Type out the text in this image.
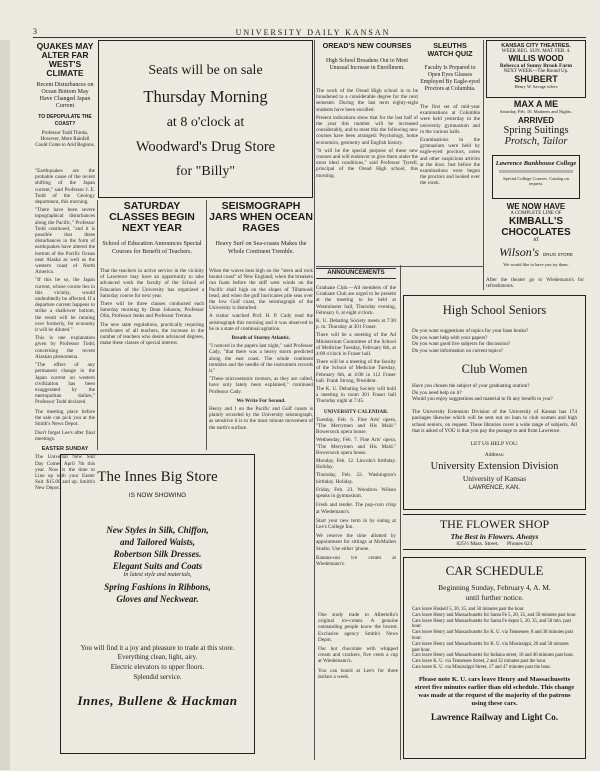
3	UNIVERSITY DAILY KANSAN
QUAKES MAY ALTER FAR WEST'S CLIMATE
Recent Disturbances on Ocean Bottom May Have Changed Japan Current
TO DEPOPULATE THE COAST?
Professor Todd Thinks, However, More Rainfall Could Come to Arid Regions.

"Earthquakes are the probable cause of the recent shifting of the Japan current," said Professor J. E. Todd of the Geology department, this morning.

"There have been severe topographical disturbances along the Pacific," Professor Todd continued, "and it is possible that these disturbances in the form of earthquakes have altered the bottom of the Pacific Ocean near Alaska as well as the western coast of North America.

"If this be so, the Japan current, whose course lies in this vicinity, would undoubtedly be affected. If a departure current happens to strike a shallower bottom, the result will be running over formerly, for economy it will be diluted."

This is one explanation given by Professor Todd, concerning the recent Alaskan phenomena.

"The effect of any permanent change in the Japan current on western civilization has been exaggerated by the metropolitan dailies," Professor Todd declared.

The meeting place before the sale can pick you at the Smith's News Depot.

Don't forget Lee's after final meetings.

EASTER SUNDAY

The Universal New Suit Day Comes April 7th this year. Now is the time to Line up with your Easter Suit. $15.00 and up. Smith's New Depot.

Seats will be on sale
Thursday Morning
at 8 o'clock at
Woodward's Drug Store
for "Billy"
SATURDAY CLASSES BEGIN NEXT YEAR
School of Education Announces Special Courses for Benefit of Teachers.

That the teachers in active service in the vicinity of Lawrence may have an opportunity to take advanced work the faculty of the School of Education of the University has organized a Saturday course for next year.

There will be three classes conducted each Saturday morning by Dean Johnson, Professor Olin, Professor Jenks and Professor Trenton.

The new state regulations, practically requiring certificates of all teachers, the increase in the number of teachers who desire advanced degrees, make these classes of special interest.

SEISMOGRAPH JARS WHEN OCEAN RAGES
Heavy Surf on Sea-coasts Makes the Whole Continent Tremble.

When the waves beat high on the "stern and rock bound coast" of New England; when the breakers run foam before the stiff west winds on the Pacific shall high on the slopes of Tillamook head, and when the gulf hurricanes pile seas over the low Gulf coast, the seismograph of the University is disturbed.

A visitor watched Prof. H. P. Cady read the seismograph this morning and it was observed to be in a state of continual agitation.

Breath of Stormy Atlantic.

"I noticed in the papers last night," said Professor Cady, "that there was a heavy storm predicted along the east coast. The whole continent trembles and the needle of the instrument records it."

"These microseismic tremors, as they are called, have only lately been explained," continued Professor Cady.

We Write For Second.

Henry and I on the Pacific and Gulf coasts is plainly recorded by the University seismograph, as sensitive it is to the most minute movement of the earth's surface.

The Innes Big Store
IS NOW SHOWING
New Styles in Silk, Chiffon,
and Tailored Waists,
Robertson Silk Dresses.
Elegant Suits and Coats
In latest style and materials,
Spring Fashions in Ribbons,
Gloves and Neckwear.
You will find it a joy and pleasure to trade at this store. Everything clean, light, airy.
Electric elevators to upper floors.
Splendid service.
Innes, Bullene & Hackman
OREAD'S NEW COURSES
High School Broadens Out to Meet Unusual Increase in Enrollment.

The work of the Oread High school is to be broadened to a considerable degree for the next semester. During the last term eighty-eight students have been enrolled.

Present indications show that for the last half of the year this number will be increased considerably, and to meet this the following new courses have been arranged: Psychology, home economics, geometry and English history.

"It will be the special purpose of these new courses and will endeavor to give them under the most ideal conditions," said Professor Tyrrell, principal of the Oread High school, this morning.

SLEUTHS WATCH QUIZ
Faculty Is Prepared to Open Eyes Glasses Employed By Eagle-eyed Proctors at Columbia.

The first set of mid-year examinations at Columbia were held yesterday in the university gymnasium and in the various halls.

Examinations in the gymnasium were held by eagle-eyed proctors, notes and other suspicious articles at the door. Just before the examinations were begun the proctors and looked over the room.

ANNOUNCEMENTS

Graduate Club.—All members of the Graduate Club are urged to be present at the meeting to be held at Westminster hall, Thursday evening, February 6, at eight o'clock.

K. U. Debating Society meets at 7:30 p. m. Thursday at 301 Fraser.

There will be a meeting of the Ad Ministerium Committee of the School of Medicine Tuesday, February 6th, at 4:00 o'clock in Fraser hall.

There will be a meeting of the faculty of the School of Medicine Tuesday, February 6th, at 4:00 in 112 Fraser hall. Frank Strong, President.

The K. U. Debating Society will hold a meeting in room 301 Fraser hall Thursday night at 7:45.

UNIVERSITY CALENDAR.

Tuesday, Feb. 6. Fine Arts' opera, "The Merrymen and His Maid." Bowersock opera house.

Wednesday, Feb. 7. Fine Arts' opera, "The Merrymen and His Maid." Bowersock opera house.

Monday, Feb. 12. Lincoln's birthday. Holiday.

Thursday, Feb. 22. Washington's birthday. Holiday.

Friday, Feb. 23. Woodrow Wilson speaks in gymnasium.

Fresh and tender. The pop-corn crisp at Wiedemann's.

Start your new term in by eating at Lee's College Inn.

We reserve the time allotted by appointment for sittings at McMullen Studio. Use either 'phone.

Banana-nut ice cream at Wiedemann's.

KANSAS CITY THEATRES.
WEEK BEG. SUN. MAT. FEB. 4.
WILLIS WOOD
Rebecca of Sunny Brook Farm
NEXT WEEK—The Round Up.
SHUBERT
Henry W. Savage offers
MAX A ME
Saturday, Feb. 10. Matinees and Nights.
ARRIVED
Spring Suitings
Protsch, Tailor
Lawrence Bunkhouse College
Special College Courses. Catalog on request.
WE NOW HAVE
A COMPLETE LINE OF
KIMBALL'S
CHOCOLATES
AT
Wilson's DRUG STORE
We would like to have you try them.

After the theater go to Wiedemann's for refreshments.

High School Seniors
Do you want suggestions of topics for your base books?
Do you want help with your papers?
Do you want good live subjects for discussion?
Do you want information on current topics?
Club Women
Have you chosen the subject of your graduating oration?
Do you need help on it?
Would you enjoy suggestions and material to fit any benefit to you?
The University Extension Division of the University of Kansas has 174 packages likewise which will be sent out on loan to club women and high school seniors, on request. These libraries cover a wide range of subjects. All that is asked of YOU is that you pay the postage to and from Lawrence.
LET US HELP YOU.
Address:
University Extension Division
University of Kansas
LAWRENCE, KAN.
THE FLOWER SHOP
The Best in Flowers. Always
825½ Mass. Street. Phones 621
CAR SCHEDULE
Beginning Sunday, February 4, A. M.
until further notice.
Cars leave Haskell 5, 20, 35, and 50 minutes past the hour.
Cars leave Henry and Massachusetts for Santa Fe 5, 20, 35, and 50 minutes past hour.
Cars leave Henry and Massachusetts for Santa Fe depot 5, 20, 35, and 50 min. past hour.
Cars leave Henry and Massachusetts for K. U. via Tennessee, 8 and 38 minutes past hour.
Cars leave Henry and Massachusetts for K. U. via Mississippi, 20 and 50 minutes past hour.
Cars leave Henry and Massachusetts for Indiana street, 10 and 40 minutes past hour.
Cars leave K. U. via Tennessee Street, 2 and 32 minutes past the hour.
Cars leave K. U. via Mississippi Street, 17 and 47 minutes past the hour.
Please note K. U. cars leave Henry and Massachusetts street five minutes earlier than old schedule. This change was made at the request of the majority of the patrons using these cars.
Lawrence Railway and Light Co.

One study trade to Albertello's original ice-cream. A genuine outstanding people know the lowest. Exclusive agency Smith's News Depot.

Our hot chocolate with whipped cream and crackers, five cents a cup at Wiedemann's.

You can board at Lee's for three dollars a week.
